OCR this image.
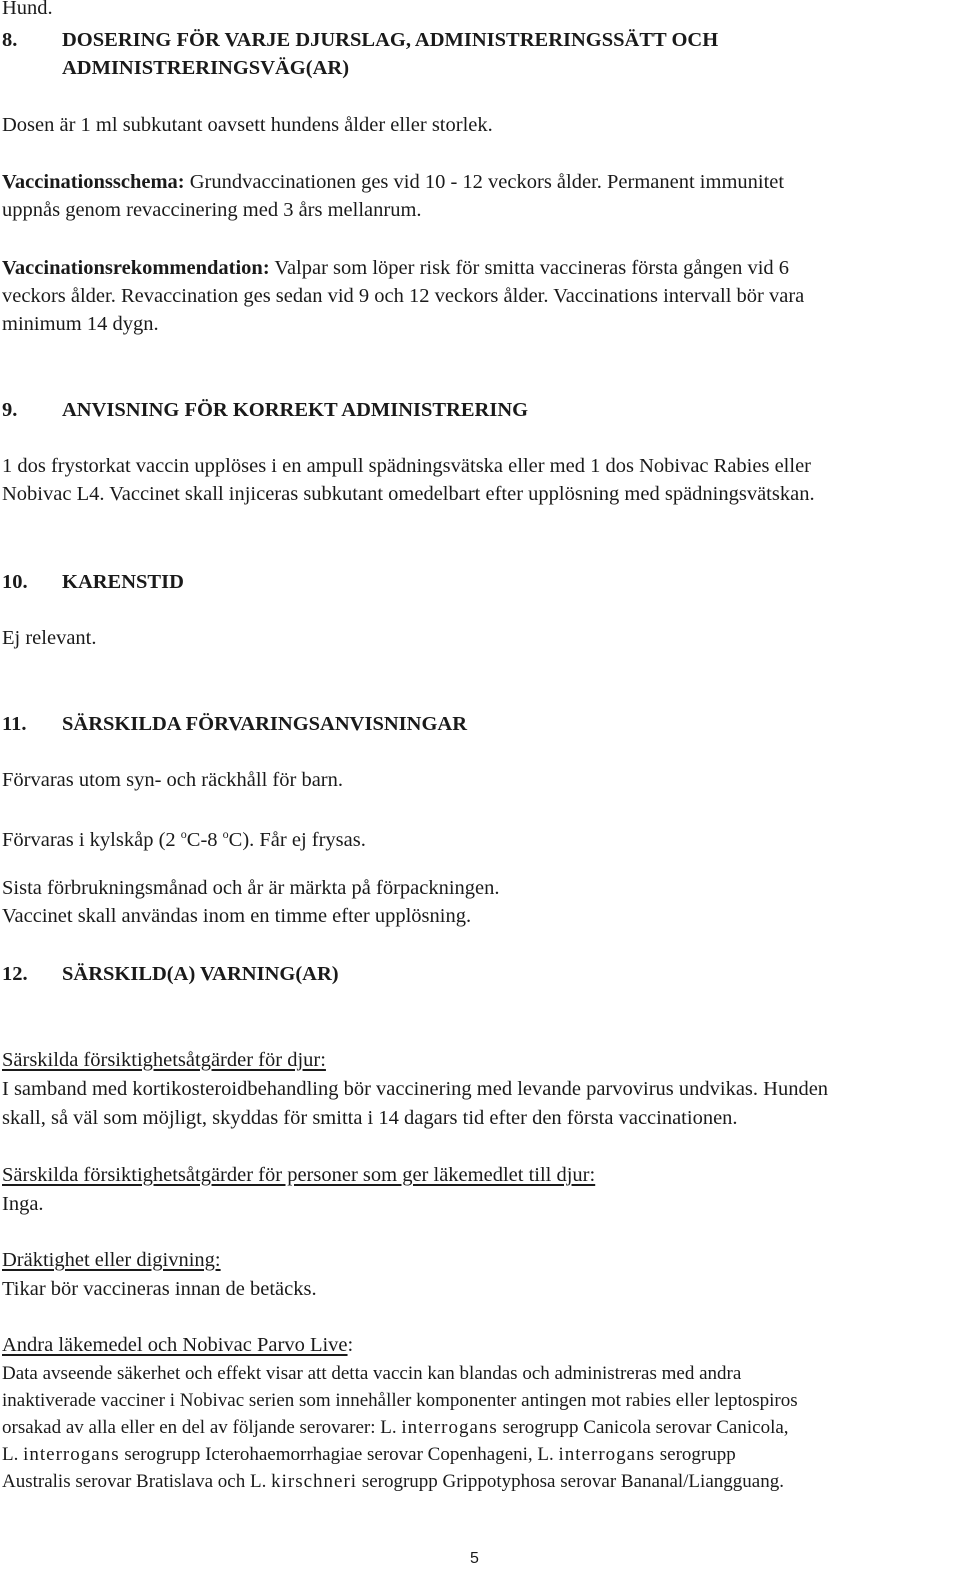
Hund.
8. DOSERING FÖR VARJE DJURSLAG, ADMINISTRERINGSSÄTT OCH
ADMINISTRERINGSVÄG(AR)
Dosen är 1 ml subkutant oavsett hundens ålder eller storlek.
Vaccinationsschema: Grundvaccinationen ges vid 10 - 12 veckors ålder. Permanent immunitet
uppnås genom revaccinering med 3 års mellanrum.
Vaccinationsrekommendation: Valpar som löper risk för smitta vaccineras första gången vid 6
veckors ålder. Revaccination ges sedan vid 9 och 12 veckors ålder. Vaccinations intervall bör vara
minimum 14 dygn.
9. ANVISNING FÖR KORREKT ADMINISTRERING
1 dos frystorkat vaccin upplöses i en ampull spädningsvätska eller med 1 dos Nobivac Rabies eller
Nobivac L4. Vaccinet skall injiceras subkutant omedelbart efter upplösning med spädningsvätskan.
10. KARENSTID
Ej relevant.
11. SÄRSKILDA FÖRVARINGSANVISNINGAR
Förvaras utom syn- och räckhåll för barn.
Förvaras i kylskåp (2 $^o$C-8 $^o$C). Får ej frysas.
Sista förbrukningsmånad och år är märkta på förpackningen.
Vaccinet skall användas inom en timme efter upplösning.
12. SÄRSKILD(A) VARNING(AR)
Särskilda försiktighetsåtgärder för djur:
I samband med kortikosteroidbehandling bör vaccinering med levande parvovirus undvikas. Hunden
skall, så väl som möjligt, skyddas för smitta i 14 dagars tid efter den första vaccinationen.
Särskilda försiktighetsåtgärder för personer som ger läkemedlet till djur:
Inga.
Dräktighet eller digivning:
Tikar bör vaccineras innan de betäcks.
Andra läkemedel och Nobivac Parvo Live:
Data avseende säkerhet och effekt visar att detta vaccin kan blandas och administreras med andra
inaktiverade vacciner i Nobivac serien som innehåller komponenter antingen mot rabies eller leptospiros
orsakad av alla eller en del av följande serovarer: L. interrogans serogrupp Canicola serovar Canicola,
L. interrogans serogrupp Icterohaemorrhagiae serovar Copenhageni, L. interrogans serogrupp
Australis serovar Bratislava och L. kirschneri serogrupp Grippotyphosa serovar Bananal/Liangguang.
5
